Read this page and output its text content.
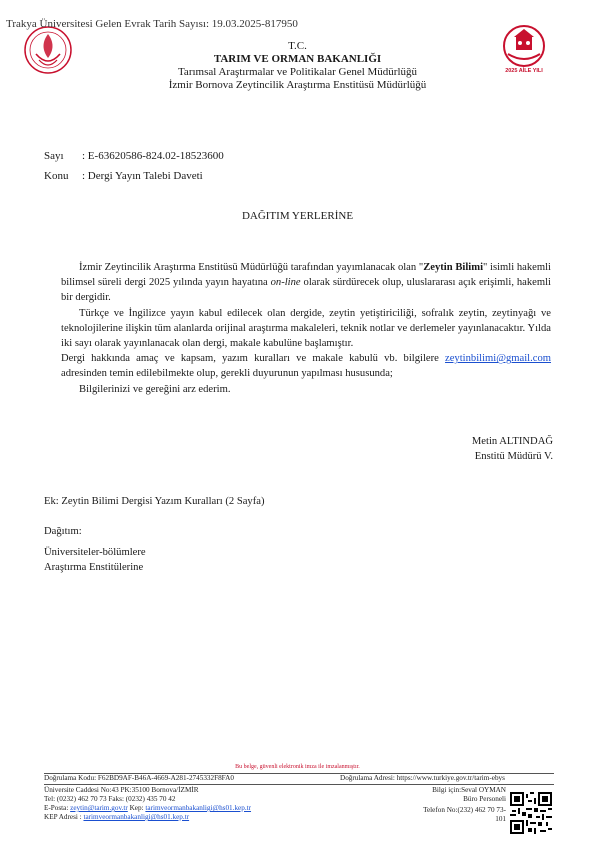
Trakya Üniversitesi Gelen Evrak Tarih Sayısı: 19.03.2025-817950
2025 AİLE YILI
T.C.
TARIM VE ORMAN BAKANLIĞI
Tarımsal Araştırmalar ve Politikalar Genel Müdürlüğü
İzmir Bornova Zeytincilik Araştırma Enstitüsü Müdürlüğü
Sayı : E-63620586-824.02-18523600
Konu : Dergi Yayın Talebi Daveti
DAĞITIM YERLERİNE

İzmir Zeytincilik Araştırma Enstitüsü Müdürlüğü tarafından yayımlanacak olan "Zeytin Bilimi" isimli hakemli bilimsel süreli dergi 2025 yılında yayın hayatına on-line olarak sürdürecek olup, uluslararası açık erişimli, hakemli bir dergidir.

Türkçe ve İngilizce yayın kabul edilecek olan dergide, zeytin yetiştiriciliği, sofralık zeytin, zeytinyağı ve teknolojilerine ilişkin tüm alanlarda orijinal araştırma makaleleri, teknik notlar ve derlemeler yayınlanacaktır. Yılda iki sayı olarak yayınlanacak olan dergi, makale kabulüne başlamıştır.

Dergi hakkında amaç ve kapsam, yazım kuralları ve makale kabulü vb. bilgilere zeytinbilimi@gmail.com adresinden temin edilebilmekte olup, gerekli duyurunun yapılması hususunda;

Bilgilerinizi ve gereğini arz ederim.

Metin ALTINDAĞ
Enstitü Müdürü V.
Ek: Zeytin Bilimi Dergisi Yazım Kuralları (2 Sayfa)
Dağıtım:
Üniversiteler-bölümlere
Araştırma Enstitülerine
Bu belge, güvenli elektronik imza ile imzalanmıştır.
Doğrulama Kodu: F62BD9AF-B46A-4669-A281-2745332F8FA0	Doğrulama Adresi: https://www.turkiye.gov.tr/tarim-ebys
Üniversite Caddesi No:43 PK:35100 Bornova/İZMİR
Tel: (0232) 462 70 73 Faks: (0232) 435 70 42
E-Posta: zeytin@tarim.gov.tr Kep: tarimveormanbakanligi@hs01.kep.tr
KEP Adresi : tarimveormanbakanligi@hs01.kep.tr
Bilgi için:Seval OYMAN
Büro Personeli
Telefon No:(232) 462 70 73-
101
